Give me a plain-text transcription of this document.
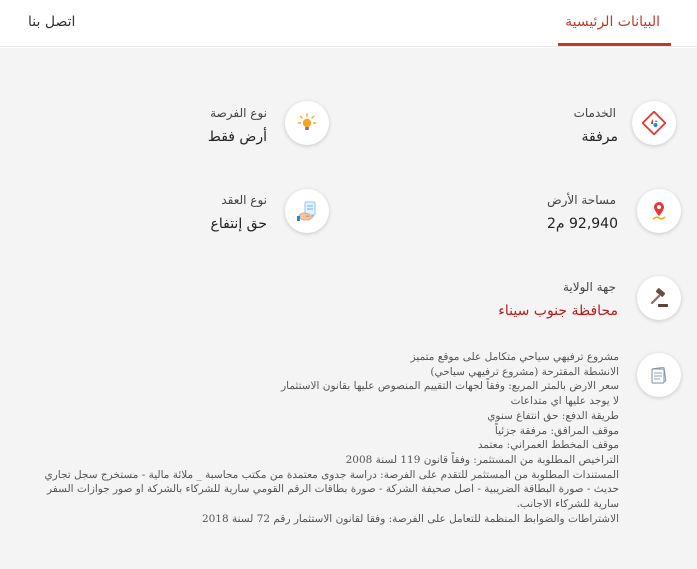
البيانات الرئيسية
اتصل بنا
الخدمات
مرفقة
نوع الفرصة
أرض فقط
مساحة الأرض
92,940 م2
نوع العقد
حق إنتفاع
جهة الولاية
محافظة جنوب سيناء
مشروع ترفيهي سياحي متكامل على موقع متميز
الانشطة المقترحة (مشروع ترفيهي سياحي)
سعر الارض بالمتر المربع: وفقاً لجهات التقييم المنصوص عليها بقانون الاستثمار
لا يوجد عليها اي متداعات
طريقة الدفع: حق انتفاع سنوي
موقف المرافق: مرفقة جزئياً
موقف المخطط العمراني: معتمد
التراخيص المطلوبة من المستثمر: وفقاً قانون 119 لسنة 2008
المستندات المطلوبة من المستثمر للتقدم على الفرصة: دراسة جدوى معتمدة من مكتب محاسبة _ ملائة مالية - مستخرج سجل تجاري حديث - صورة البطاقة الضريبية - اصل صحيفة الشركة - صورة بطاقات الرقم القومي سارية للشركاء بالشركة او صور جوازات السفر سارية للشركاء الاجانب.
الاشتراطات والضوابط المنظمة للتعامل على الفرصة: وفقا لقانون الاستثمار رقم 72 لسنة 2018
